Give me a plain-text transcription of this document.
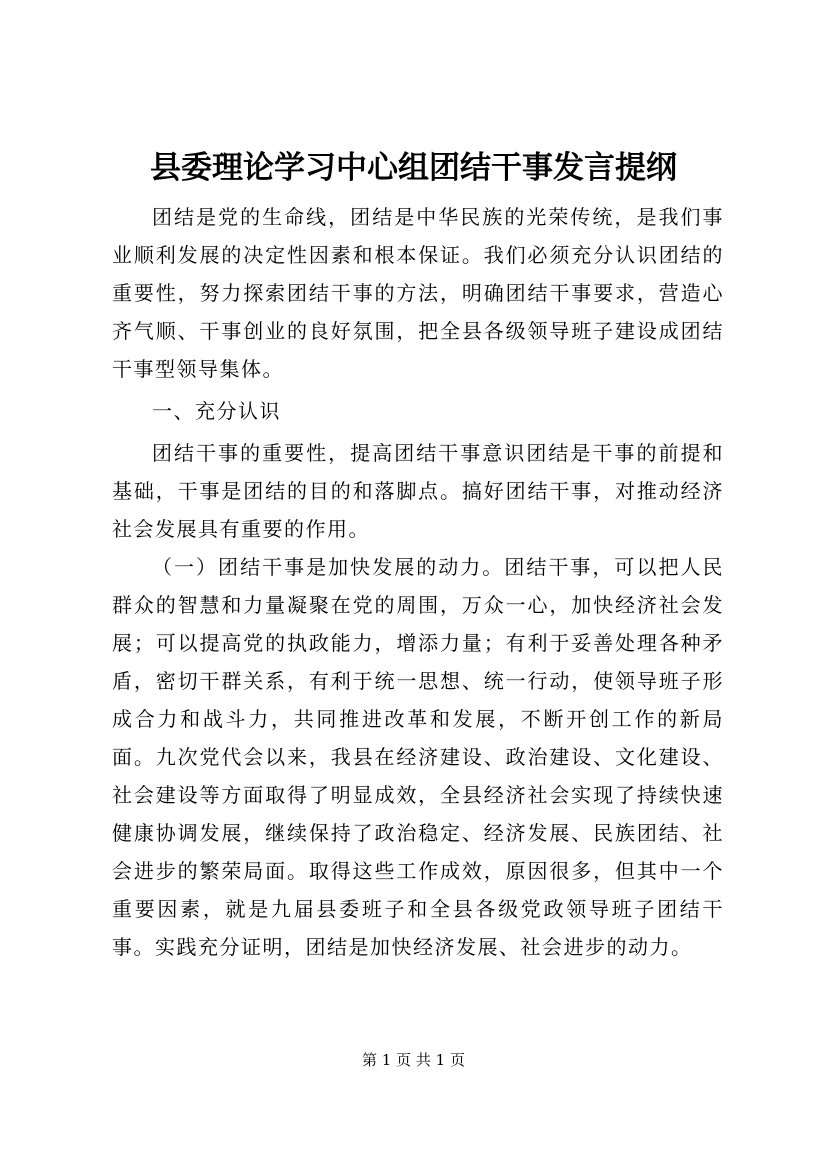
县委理论学习中心组团结干事发言提纲

团结是党的生命线，团结是中华民族的光荣传统，是我们事业顺利发展的决定性因素和根本保证。我们必须充分认识团结的重要性，努力探索团结干事的方法，明确团结干事要求，营造心齐气顺、干事创业的良好氛围，把全县各级领导班子建设成团结干事型领导集体。

一、充分认识

团结干事的重要性，提高团结干事意识团结是干事的前提和基础，干事是团结的目的和落脚点。搞好团结干事，对推动经济社会发展具有重要的作用。

（一）团结干事是加快发展的动力。团结干事，可以把人民群众的智慧和力量凝聚在党的周围，万众一心，加快经济社会发展；可以提高党的执政能力，增添力量；有利于妥善处理各种矛盾，密切干群关系，有利于统一思想、统一行动，使领导班子形成合力和战斗力，共同推进改革和发展，不断开创工作的新局面。九次党代会以来，我县在经济建设、政治建设、文化建设、社会建设等方面取得了明显成效，全县经济社会实现了持续快速健康协调发展，继续保持了政治稳定、经济发展、民族团结、社会进步的繁荣局面。取得这些工作成效，原因很多，但其中一个重要因素，就是九届县委班子和全县各级党政领导班子团结干事。实践充分证明，团结是加快经济发展、社会进步的动力。

第 1 页 共 1 页
